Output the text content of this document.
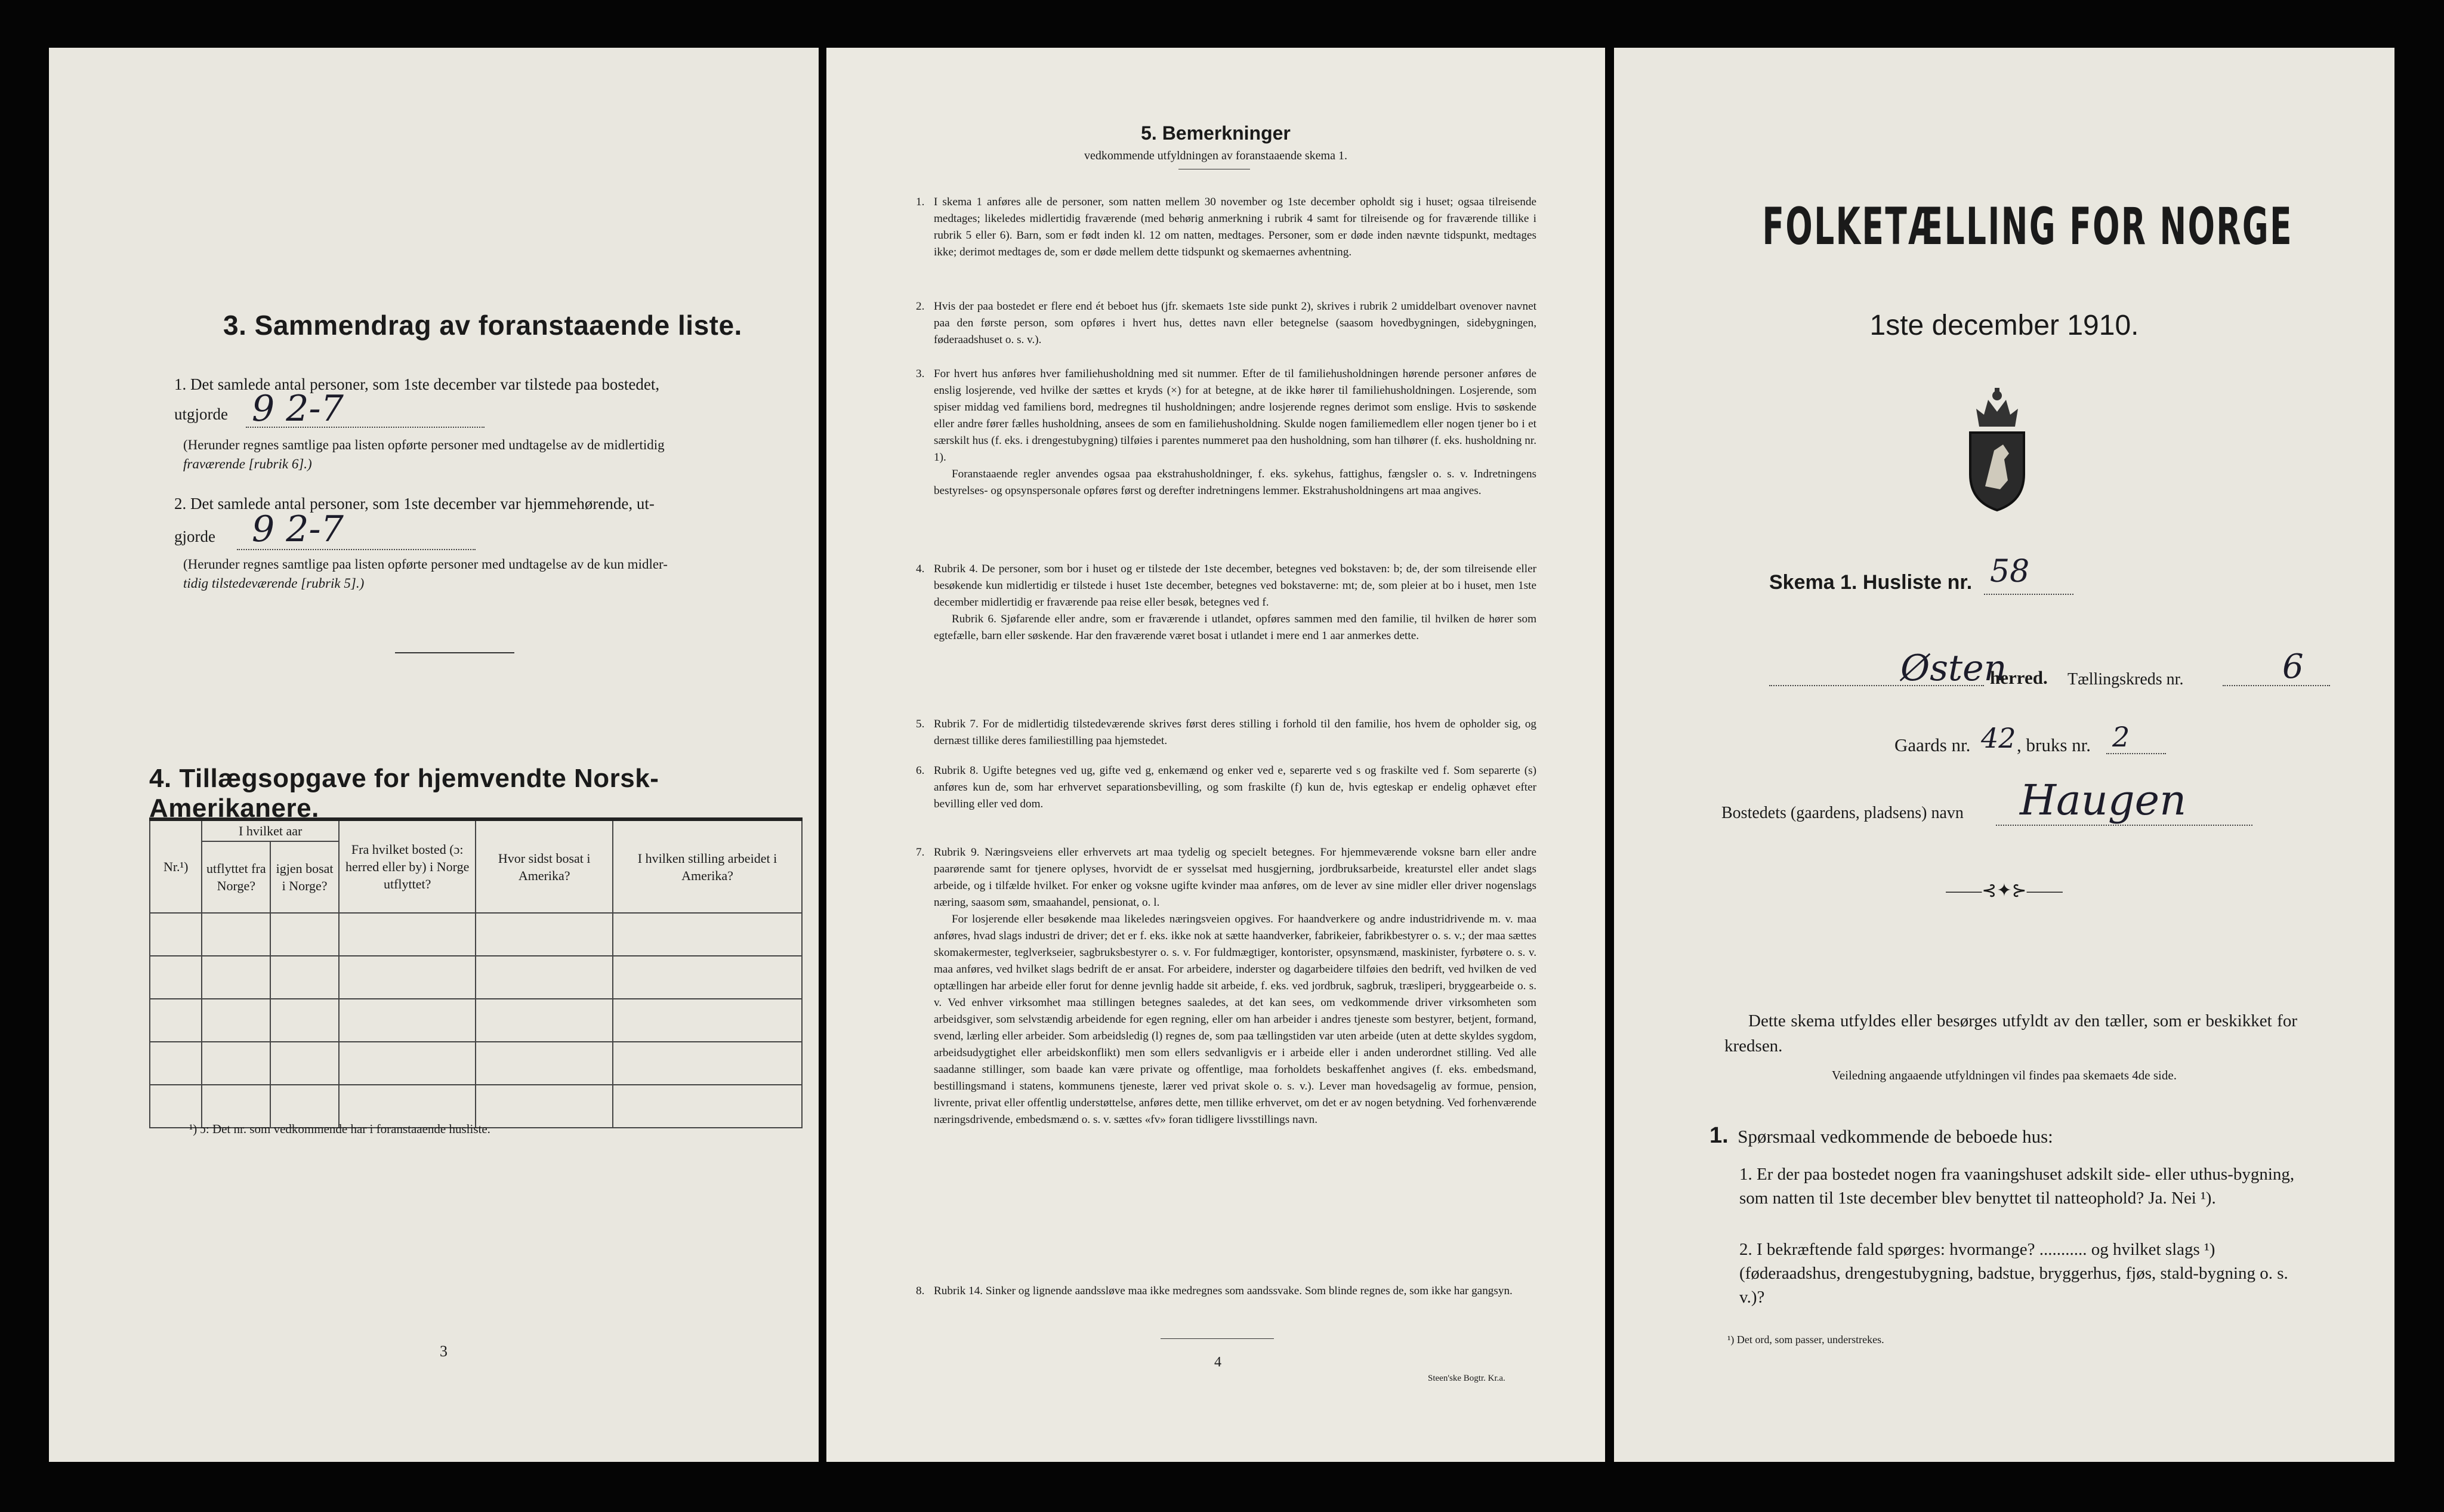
3. Sammendrag av foranstaaende liste.
1. Det samlede antal personer, som 1ste december var tilstede paa bostedet,
utgjorde 9 2-7
(Herunder regnes samtlige paa listen opførte personer med undtagelse av de midlertidig
fraværende [rubrik 6].)
2. Det samlede antal personer, som 1ste december var hjemmehørende, ut-
gjorde 9 2-7
(Herunder regnes samtlige paa listen opførte personer med undtagelse av de kun midler-
tidig tilstedeværende [rubrik 5].)
4. Tillægsopgave for hjemvendte Norsk-Amerikanere.
Nr.¹)	I hvilket aar		Fra hvilket bosted (ɔ: herred eller by) i Norge utflyttet?	Hvor sidst bosat i Amerika?	I hvilken stilling arbeidet i Amerika?
	utflyttet fra Norge?	igjen bosat i Norge?			

¹) ɔ: Det nr. som vedkommende har i foranstaaende husliste.
3
5. Bemerkninger
vedkommende utfyldningen av foranstaaende skema 1.
1. I skema 1 anføres alle de personer, som natten mellem 30 november og 1ste december opholdt sig i huset; ogsaa tilreisende medtages; likeledes midlertidig fraværende (med behørig anmerkning i rubrik 4 samt for tilreisende og for fraværende tillike i rubrik 5 eller 6). Barn, som er født inden kl. 12 om natten, medtages. Personer, som er døde inden nævnte tidspunkt, medtages ikke; derimot medtages de, som er døde mellem dette tidspunkt og skemaernes avhentning.

2. Hvis der paa bostedet er flere end ét beboet hus (jfr. skemaets 1ste side punkt 2), skrives i rubrik 2 umiddelbart ovenover navnet paa den første person, som opføres i hvert hus, dettes navn eller betegnelse (saasom hovedbygningen, sidebygningen, føderaadshuset o. s. v.).

3. For hvert hus anføres hver familiehusholdning med sit nummer. Efter de til familiehusholdningen hørende personer anføres de enslig losjerende, ved hvilke der sættes et kryds (×) for at betegne, at de ikke hører til familiehusholdningen. Losjerende, som spiser middag ved familiens bord, medregnes til husholdningen; andre losjerende regnes derimot som enslige. Hvis to søskende eller andre fører fælles husholdning, ansees de som en familiehusholdning. Skulde nogen familiemedlem eller nogen tjener bo i et særskilt hus (f. eks. i drengestubygning) tilføies i parentes nummeret paa den husholdning, som han tilhører (f. eks. husholdning nr. 1).

Foranstaaende regler anvendes ogsaa paa ekstrahusholdninger, f. eks. sykehus, fattighus, fængsler o. s. v. Indretningens bestyrelses- og opsynspersonale opføres først og derefter indretningens lemmer. Ekstrahusholdningens art maa angives.

4. Rubrik 4. De personer, som bor i huset og er tilstede der 1ste december, betegnes ved bokstaven: b; de, der som tilreisende eller besøkende kun midlertidig er tilstede i huset 1ste december, betegnes ved bokstaverne: mt; de, som pleier at bo i huset, men 1ste december midlertidig er fraværende paa reise eller besøk, betegnes ved f.

Rubrik 6. Sjøfarende eller andre, som er fraværende i utlandet, opføres sammen med den familie, til hvilken de hører som egtefælle, barn eller søskende. Har den fraværende været bosat i utlandet i mere end 1 aar anmerkes dette.

5. Rubrik 7. For de midlertidig tilstedeværende skrives først deres stilling i forhold til den familie, hos hvem de opholder sig, og dernæst tillike deres familiestilling paa hjemstedet.

6. Rubrik 8. Ugifte betegnes ved ug, gifte ved g, enkemænd og enker ved e, separerte ved s og fraskilte ved f. Som separerte (s) anføres kun de, som har erhvervet separationsbevilling, og som fraskilte (f) kun de, hvis egteskap er endelig ophævet efter bevilling eller ved dom.

7. Rubrik 9. Næringsveiens eller erhvervets art maa tydelig og specielt betegnes. For hjemmeværende voksne barn eller andre paarørende samt for tjenere oplyses, hvorvidt de er sysselsat med husgjerning, jordbruksarbeide, kreaturstel eller andet slags arbeide, og i tilfælde hvilket. For enker og voksne ugifte kvinder maa anføres, om de lever av sine midler eller driver nogenslags næring, saasom søm, smaahandel, pensionat, o. l.

For losjerende eller besøkende maa likeledes næringsveien opgives. For haandverkere og andre industridrivende m. v. maa anføres, hvad slags industri de driver; det er f. eks. ikke nok at sætte haandverker, fabrikeier, fabrikbestyrer o. s. v.; der maa sættes skomakermester, teglverkseier, sagbruksbestyrer o. s. v. For fuldmægtiger, kontorister, opsynsmænd, maskinister, fyrbøtere o. s. v. maa anføres, ved hvilket slags bedrift de er ansat. For arbeidere, inderster og dagarbeidere tilføies den bedrift, ved hvilken de ved optællingen har arbeide eller forut for denne jevnlig hadde sit arbeide, f. eks. ved jordbruk, sagbruk, træsliperi, bryggearbeide o. s. v. Ved enhver virksomhet maa stillingen betegnes saaledes, at det kan sees, om vedkommende driver virksomheten som arbeidsgiver, som selvstændig arbeidende for egen regning, eller om han arbeider i andres tjeneste som bestyrer, betjent, formand, svend, lærling eller arbeider. Som arbeidsledig (l) regnes de, som paa tællingstiden var uten arbeide (uten at dette skyldes sygdom, arbeidsudygtighet eller arbeidskonflikt) men som ellers sedvanligvis er i arbeide eller i anden underordnet stilling. Ved alle saadanne stillinger, som baade kan være private og offentlige, maa forholdets beskaffenhet angives (f. eks. embedsmand, bestillingsmand i statens, kommunens tjeneste, lærer ved privat skole o. s. v.). Lever man hovedsagelig av formue, pension, livrente, privat eller offentlig understøttelse, anføres dette, men tillike erhvervet, om det er av nogen betydning. Ved forhenværende næringsdrivende, embedsmænd o. s. v. sættes «fv» foran tidligere livsstillings navn.

8. Rubrik 14. Sinker og lignende aandssløve maa ikke medregnes som aandssvake. Som blinde regnes de, som ikke har gangsyn.

4
Steen'ske Bogtr. Kr.a.
FOLKETÆLLING FOR NORGE
1ste december 1910.
Skema 1. Husliste nr. 58
Østen
herred. Tællingskreds nr.	6
Gaards nr. 42 , bruks nr. 2
Bostedets (gaardens, pladsens) navn Haugen
——⊰✦⊱——
Dette skema utfyldes eller besørges utfyldt av den tæller, som er beskikket for kredsen.
Veiledning angaaende utfyldningen vil findes paa skemaets 4de side.
1. Spørsmaal vedkommende de beboede hus:
1. Er der paa bostedet nogen fra vaaningshuset adskilt side- eller uthus-bygning, som natten til 1ste december blev benyttet til natteophold? Ja. Nei ¹).
2. I bekræftende fald spørges: hvormange? ........... og hvilket slags ¹) (føderaadshus, drengestubygning, badstue, bryggerhus, fjøs, stald-bygning o. s. v.)?
¹) Det ord, som passer, understrekes.
